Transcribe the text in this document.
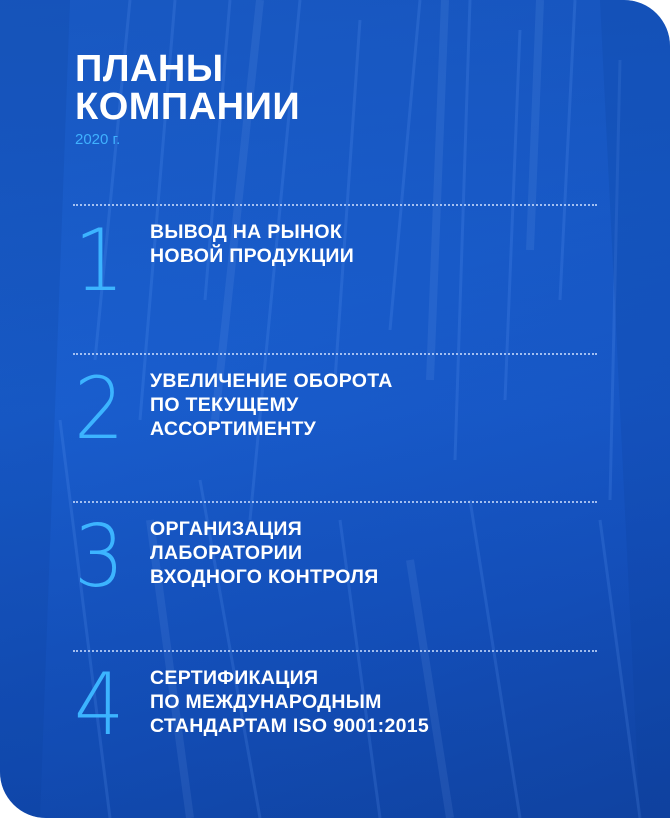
ПЛАНЫ
КОМПАНИИ
2020 г.
1 ВЫВОД НА РЫНОК
НОВОЙ ПРОДУКЦИИ
2 УВЕЛИЧЕНИЕ ОБОРОТА
ПО ТЕКУЩЕМУ
АССОРТИМЕНТУ
3 ОРГАНИЗАЦИЯ
ЛАБОРАТОРИИ
ВХОДНОГО КОНТРОЛЯ
4 СЕРТИФИКАЦИЯ
ПО МЕЖДУНАРОДНЫМ
СТАНДАРТАМ ISO 9001:2015
